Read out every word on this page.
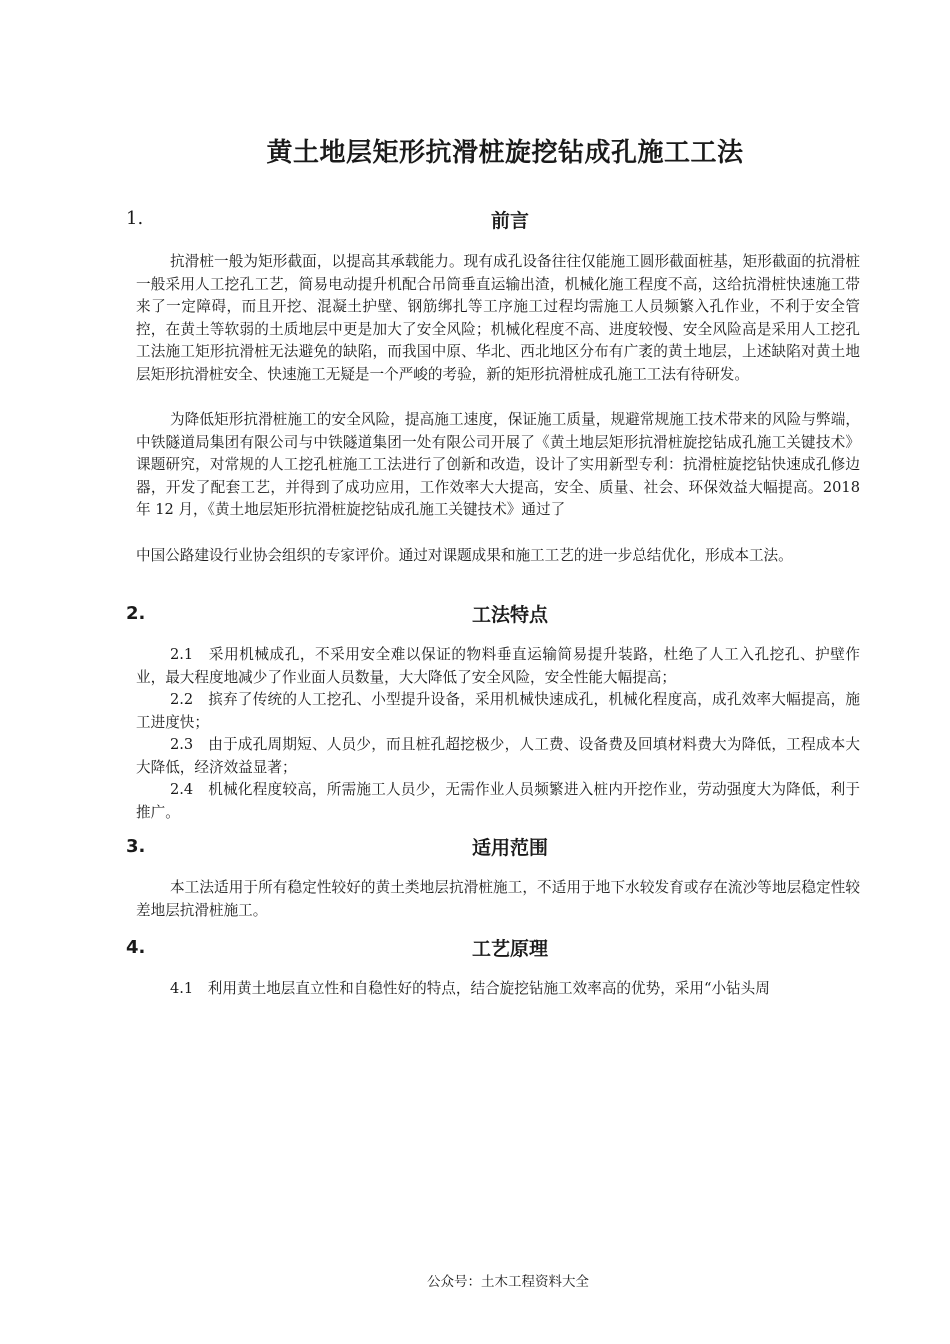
黄土地层矩形抗滑桩旋挖钻成孔施工工法
1.	前言

抗滑桩一般为矩形截面，以提高其承载能力。现有成孔设备往往仅能施工圆形截面桩基，矩形截面的抗滑桩一般采用人工挖孔工艺，简易电动提升机配合吊筒垂直运输出渣，机械化施工程度不高，这给抗滑桩快速施工带来了一定障碍，而且开挖、混凝土护壁、钢筋绑扎等工序施工过程均需施工人员频繁入孔作业，不利于安全管控，在黄土等软弱的土质地层中更是加大了安全风险；机械化程度不高、进度较慢、安全风险高是采用人工挖孔工法施工矩形抗滑桩无法避免的缺陷，而我国中原、华北、西北地区分布有广袤的黄土地层，上述缺陷对黄土地层矩形抗滑桩安全、快速施工无疑是一个严峻的考验，新的矩形抗滑桩成孔施工工法有待研发。

为降低矩形抗滑桩施工的安全风险，提高施工速度，保证施工质量，规避常规施工技术带来的风险与弊端，中铁隧道局集团有限公司与中铁隧道集团一处有限公司开展了《黄土地层矩形抗滑桩旋挖钻成孔施工关键技术》课题研究，对常规的人工挖孔桩施工工法进行了创新和改造，设计了实用新型专利：抗滑桩旋挖钻快速成孔修边器，开发了配套工艺，并得到了成功应用，工作效率大大提高，安全、质量、社会、环保效益大幅提高。2018 年 12 月，《黄土地层矩形抗滑桩旋挖钻成孔施工关键技术》通过了

中国公路建设行业协会组织的专家评价。通过对课题成果和施工工艺的进一步总结优化，形成本工法。

2.	工法特点

2.1　采用机械成孔，不采用安全难以保证的物料垂直运输简易提升装路，杜绝了人工入孔挖孔、护壁作业，最大程度地减少了作业面人员数量，大大降低了安全风险，安全性能大幅提高；

2.2　摈弃了传统的人工挖孔、小型提升设备，采用机械快速成孔，机械化程度高，成孔效率大幅提高，施工进度快；

2.3　由于成孔周期短、人员少，而且桩孔超挖极少，人工费、设备费及回填材料费大为降低，工程成本大大降低，经济效益显著；

2.4　机械化程度较高，所需施工人员少，无需作业人员频繁进入桩内开挖作业，劳动强度大为降低，利于推广。

3.	适用范围

本工法适用于所有稳定性较好的黄土类地层抗滑桩施工，不适用于地下水较发育或存在流沙等地层稳定性较差地层抗滑桩施工。

4.	工艺原理

4.1　利用黄土地层直立性和自稳性好的特点，结合旋挖钻施工效率高的优势，采用“小钻头周

公众号：土木工程资料大全
